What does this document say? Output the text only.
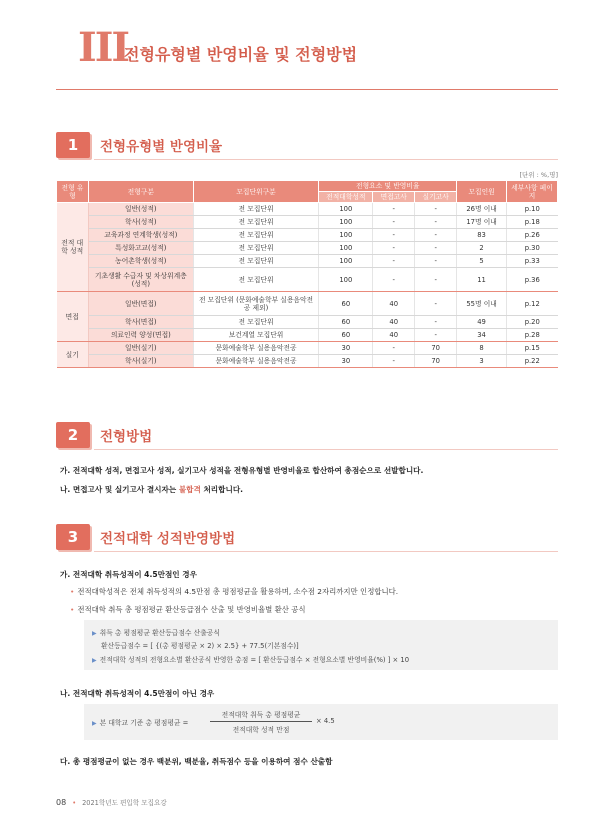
III
전형유형별 반영비율 및 전형방법
1	전형유형별 반영비율
[단위 : %,명]
전형 유형	전형구분	모집단위구분	전형요소 및 반영비율			모집인원	세부사항 페이지
			전적대학성적	면접고사	실기고사		
전적 대학 성적	일반(성적)	전 모집단위	100	-	-	26명 이내	p.10
	학사(성적)	전 모집단위	100	-	-	17명 이내	p.18
	교육과정 연계학생(성적)	전 모집단위	100	-	-	83	p.26
	특성화고교(성적)	전 모집단위	100	-	-	2	p.30
	농어촌학생(성적)	전 모집단위	100	-	-	5	p.33
	기초생활 수급자 및 차상위계층(성적)	전 모집단위	100	-	-	11	p.36
면접	일반(면접)	전 모집단위 (문화예술학부 실용음악전공 제외)	60	40	-	55명 이내	p.12
	학사(면접)	전 모집단위	60	40	-	49	p.20
	의료인력 양성(면접)	보건계열 모집단위	60	40	-	34	p.28
실기	일반(실기)	문화예술학부 실용음악전공	30	-	70	8	p.15
	학사(실기)	문화예술학부 실용음악전공	30	-	70	3	p.22
2	전형방법
가. 전적대학 성적, 면접고사 성적, 실기고사 성적을 전형유형별 반영비율로 합산하여 총점순으로 선발합니다.
나. 면접고사 및 실기고사 결시자는 불합격 처리합니다.
3	전적대학 성적반영방법
가. 전적대학 취득성적이 4.5만점인 경우
• 전적대학성적은 전체 취득성적의 4.5만점 총 평점평균을 활용하며, 소수점 2자리까지만 인정합니다.
• 전적대학 취득 총 평점평균 환산등급점수 산출 및 반영비율별 환산 공식
▶ 취득 총 평점평균 환산등급점수 산출공식
환산등급점수 = [ {(총 평점평균 × 2) × 2.5} + 77.5(기본점수)]
▶ 전적대학 성적의 전형요소별 환산공식 반영한 총점 = [ 환산등급점수 × 전형요소별 반영비율(%) ] × 10
나. 전적대학 취득성적이 4.5만점이 아닌 경우
▶ 본 대학교 기준 총 평점평균 =
전적대학 취득 총 평점평균
전적대학 성적 만점
× 4.5
다. 총 평점평균이 없는 경우 백분위, 백분율, 취득점수 등을 이용하여 점수 산출함
08 • 2021학년도 편입학 모집요강
